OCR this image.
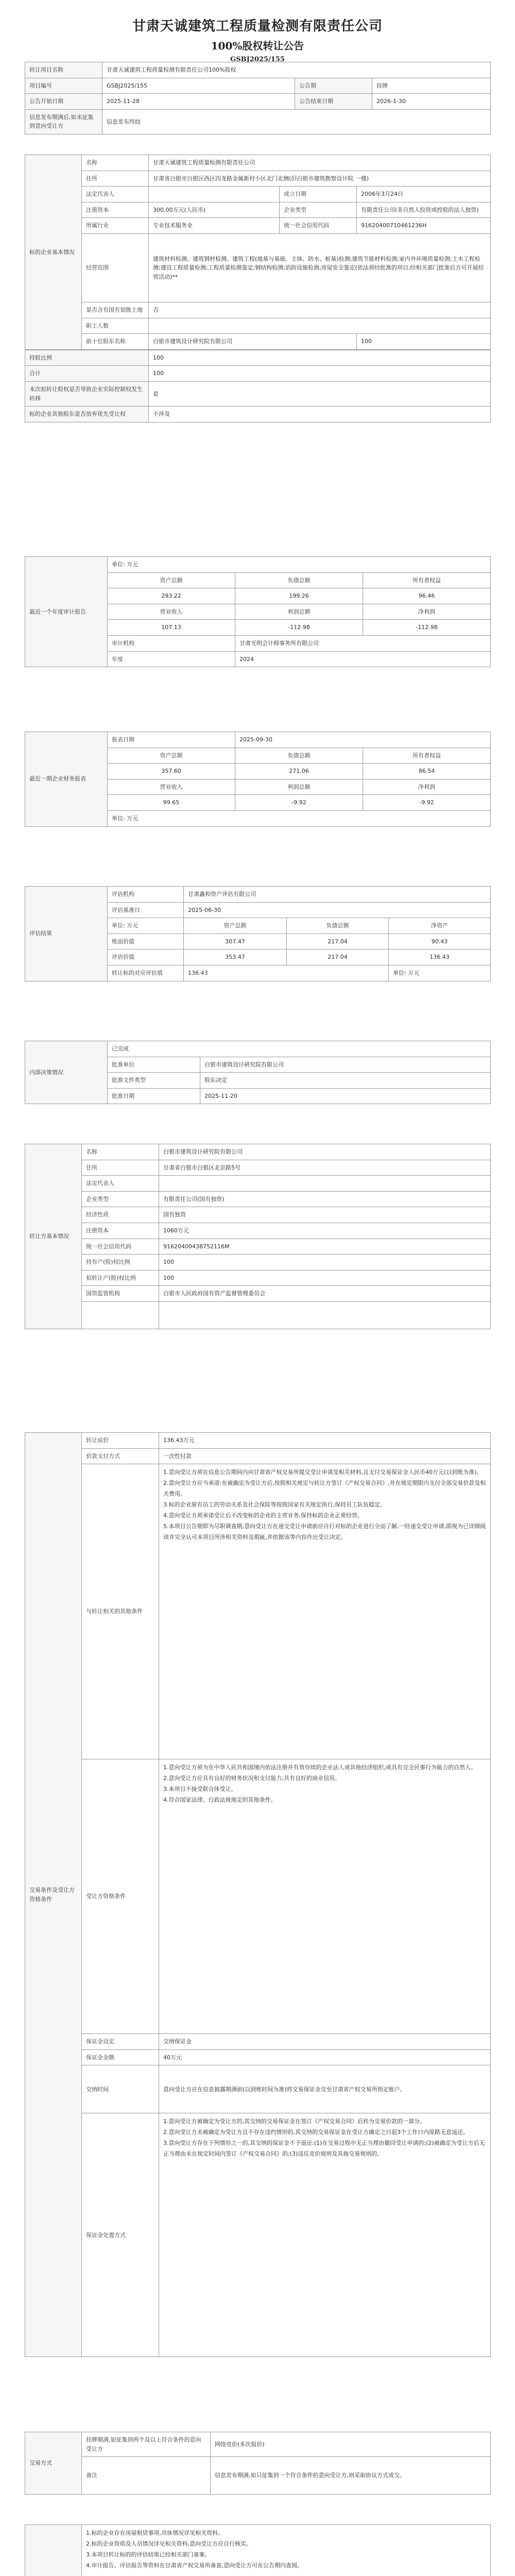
甘肃天诚建筑工程质量检测有限责任公司
100%股权转让公告
GSBJ2025/155
转让项目名称	甘肃天诚建筑工程质量检测有限责任公司100%股权		
项目编号	GSBJ2025/155	公告期	挂牌
公告开始日期	2025-11-28	公告结束日期	2026-1-30
信息发布期满后,如未征集到意向受让方	信息发布终结		
标的企业基本情况	名称	甘肃天诚建筑工程质量检测有限责任公司		
	住所	甘肃省白银市白银区西区四龙路金属新村小区北门北侧(旧白银市建筑勘察设计院 一楼)		
	法定代表人		成立日期	2006年3月24日
	注册资本	300.00万元(人民币)	企业类型	有限责任公司(非自然人投资或控股的法人独资)
	所属行业	专业技术服务业	统一社会信用代码	91620400710461236H
	经营范围	建筑材料检测、建筑钢材检测、建筑工程(地基与基础、主体、防水、桩基)检测;建筑节能材料检测;室内外环境质量检测;土木工程检测;建设工程质量检测;工程质量检测鉴定;钢结构检测;消防设施检测;房屋安全鉴定(依法须经批准的项目,经相关部门批准后方可开展经营活动)**		
	是否含有国有划拨土地	否		
	职工人数			
	前十位股东名称	白银市建筑设计研究院有限公司		100
持股比例	100
合计	100
本次拟转让股权是否导致企业实际控制权发生转移	是
标的企业其他股东是否放弃优先受让权	不涉及
最近一个年度审计报告	单位: 万元		
	资产总额	负债总额	所有者权益
	293.22	199.26	96.46
	营业收入	利润总额	净利润
	107.13	-112.98	-112.98
	审计机构	甘肃光明会计师事务所有限公司	
	年度	2024	
最近一期企业财务报表	报表日期	2025-09-30	
	资产总额	负债总额	所有者权益
	357.60	271.06	86.54
	营业收入	利润总额	净利润
	99.65	-9.92	-9.92
	单位: 万元		
评估结果	评估机构	甘肃鑫和资产评估有限公司		
	评估基准日	2025-06-30		
	单位: 万元	资产总额	负债总额	净资产
	账面价值	307.47	217.04	90.43
	评估价值	353.47	217.04	136.43
	转让标的对应评估值	136.43		单位: 万元
内部决策情况	已完成	
	批准单位	白银市建筑设计研究院有限公司
	批准文件类型	股东决定
	批准日期	2025-11-20
转让方基本情况	名称	白银市建筑设计研究院有限公司
	住所	甘肃省白银市白银区北京路5号
	法定代表人	
	企业类型	有限责任公司(国有独资)
	经济性质	国有独资
	注册资本	1060万元
	统一社会信用代码	91620400438752116M
	持有产(股)权比例	100
	拟转让产(股)权比例	100
	国资监管机构	白银市人民政府国有资产监督管理委员会

交易条件及受让方资格条件	转让底价	136.43万元
	价款支付方式	一次性付款
	与转让相关的其他条件	1.意向受让方须在信息公告期间内向甘肃省产权交易所提交受让申请及相关材料,且支付交易保证金人民币40万元(以到账为准)。
2.意向受让方应当承诺:在被确定为受让方后,按照相关规定与转让方签订《产权交易合同》,并在规定期限内支付全部交易价款及相关费用。
3.标的企业原有员工的劳动关系及社会保险等按照国家有关规定执行,保持员工队伍稳定。
4.意向受让方须承诺受让后不改变标的企业的主营业务,保持标的企业正常经营。
5.本项目公告期即为尽职调查期,意向受让方在递交受让申请前应自行对标的企业进行全面了解,一经递交受让申请,即视为已详细阅读并完全认可本项目所涉相关资料及瑕疵,并依据该等内容作出受让决定。

	受让方资格条件	1.意向受让方须为在中华人民共和国境内依法注册并有效存续的企业法人或其他经济组织,或具有完全民事行为能力的自然人。
2.意向受让方应具有良好的财务状况和支付能力,具有良好的商业信用。
3.本项目不接受联合体受让。
4.符合国家法律、行政法规规定的其他条件。

	保证金设定	交纳保证金
	保证金金额	40万元
	交纳时间	意向受让方应在信息披露期满前(以到账时间为准)将交易保证金交至甘肃省产权交易所指定账户。
	保证金处置方式	1.意向受让方被确定为受让方的,其交纳的交易保证金在签订《产权交易合同》后转为交易价款的一部分。
2.意向受让方未被确定为受让方且不存在违约情形的,其交纳的交易保证金在受让方确定之日起3个工作日内原路无息返还。
3.意向受让方存在下列情形之一的,其交纳的保证金不予退还:(1)在交易过程中无正当理由撤回受让申请的;(2)被确定为受让方后无正当理由未在规定时间内签订《产权交易合同》的;(3)违反竞价规则及其他交易规则的。
交易方式	挂牌期满,如征集到两个及以上符合条件的意向受让方	网络竞价(多次报价)
	备注	信息发布期满,如只征集到一个符合条件的意向受让方,则采取协议方式成交。

1.标的企业存在房屋租赁事项,具体情况详见相关资料。
2.标的企业资质及人员情况详见相关资料,意向受让方应自行核实。
3.本项目转让标的的评估结果已经相关部门备案。
4.审计报告、评估报告等资料在甘肃省产权交易所备查,意向受让方可在公告期内查阅。
